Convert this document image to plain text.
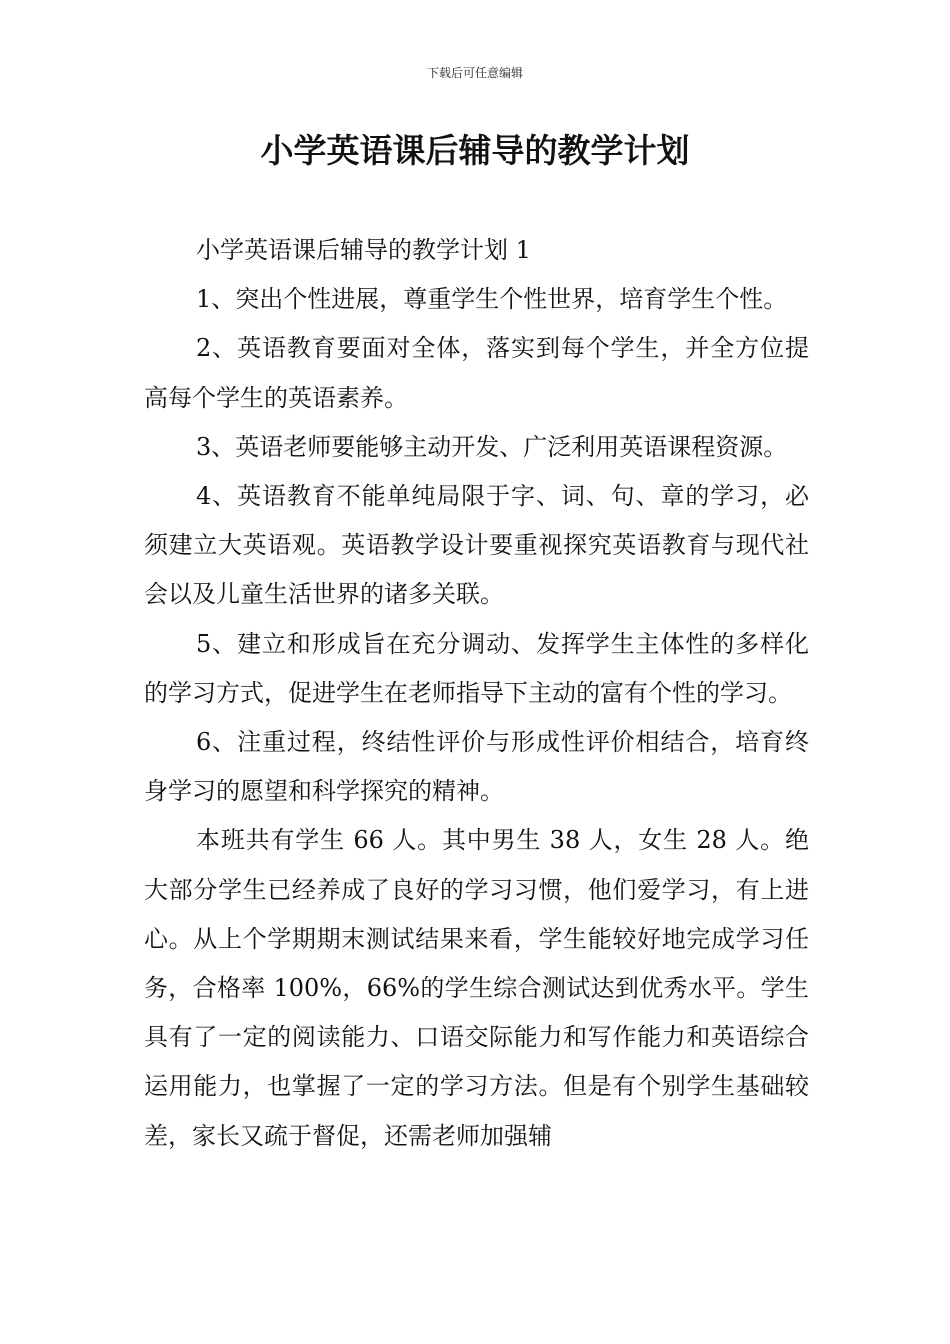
下载后可任意编辑
小学英语课后辅导的教学计划

小学英语课后辅导的教学计划 1

1、突出个性进展，尊重学生个性世界，培育学生个性。

2、英语教育要面对全体，落实到每个学生，并全方位提高每个学生的英语素养。

3、英语老师要能够主动开发、广泛利用英语课程资源。

4、英语教育不能单纯局限于字、词、句、章的学习，必须建立大英语观。英语教学设计要重视探究英语教育与现代社会以及儿童生活世界的诸多关联。

5、建立和形成旨在充分调动、发挥学生主体性的多样化的学习方式，促进学生在老师指导下主动的富有个性的学习。

6、注重过程，终结性评价与形成性评价相结合，培育终身学习的愿望和科学探究的精神。

本班共有学生 66 人。其中男生 38 人，女生 28 人。绝大部分学生已经养成了良好的学习习惯，他们爱学习，有上进心。从上个学期期末测试结果来看，学生能较好地完成学习任务，合格率 100%，66%的学生综合测试达到优秀水平。学生具有了一定的阅读能力、口语交际能力和写作能力和英语综合运用能力，也掌握了一定的学习方法。但是有个别学生基础较差，家长又疏于督促，还需老师加强辅
